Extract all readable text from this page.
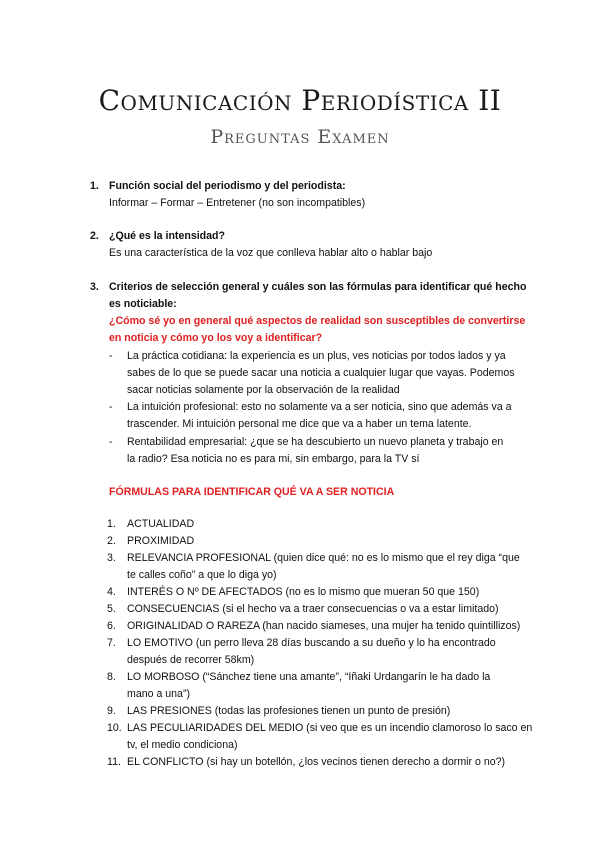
Comunicación Periodística II
Preguntas Examen
1. Función social del periodismo y del periodista:
Informar – Formar – Entretener (no son incompatibles)
2. ¿Qué es la intensidad?
Es una característica de la voz que conlleva hablar alto o hablar bajo
3. Criterios de selección general y cuáles son las fórmulas para identificar qué hecho
es noticiable:
¿Cómo sé yo en general qué aspectos de realidad son susceptibles de convertirse
en noticia y cómo yo los voy a identificar?
- La práctica cotidiana: la experiencia es un plus, ves noticias por todos lados y ya
sabes de lo que se puede sacar una noticia a cualquier lugar que vayas. Podemos
sacar noticias solamente por la observación de la realidad
- La intuición profesional: esto no solamente va a ser noticia, sino que además va a
trascender. Mi intuición personal me dice que va a haber un tema latente.
- Rentabilidad empresarial: ¿que se ha descubierto un nuevo planeta y trabajo en
la radio? Esa noticia no es para mi, sin embargo, para la TV sí
FÓRMULAS PARA IDENTIFICAR QUÉ VA A SER NOTICIA
1. ACTUALIDAD
2. PROXIMIDAD
3. RELEVANCIA PROFESIONAL (quien dice qué: no es lo mismo que el rey diga “que
te calles coño” a que lo diga yo)
4. INTERÉS O Nº DE AFECTADOS (no es lo mismo que mueran 50 que 150)
5. CONSECUENCIAS (si el hecho va a traer consecuencias o va a estar limitado)
6. ORIGINALIDAD O RAREZA (han nacido siameses, una mujer ha tenido quintillizos)
7. LO EMOTIVO (un perro lleva 28 días buscando a su dueño y lo ha encontrado
después de recorrer 58km)
8. LO MORBOSO (“Sánchez tiene una amante”, “Iñaki Urdangarín le ha dado la
mano a una”)
9. LAS PRESIONES (todas las profesiones tienen un punto de presión)
10. LAS PECULIARIDADES DEL MEDIO (si veo que es un incendio clamoroso lo saco en
tv, el medio condiciona)
11. EL CONFLICTO (si hay un botellón, ¿los vecinos tienen derecho a dormir o no?)
